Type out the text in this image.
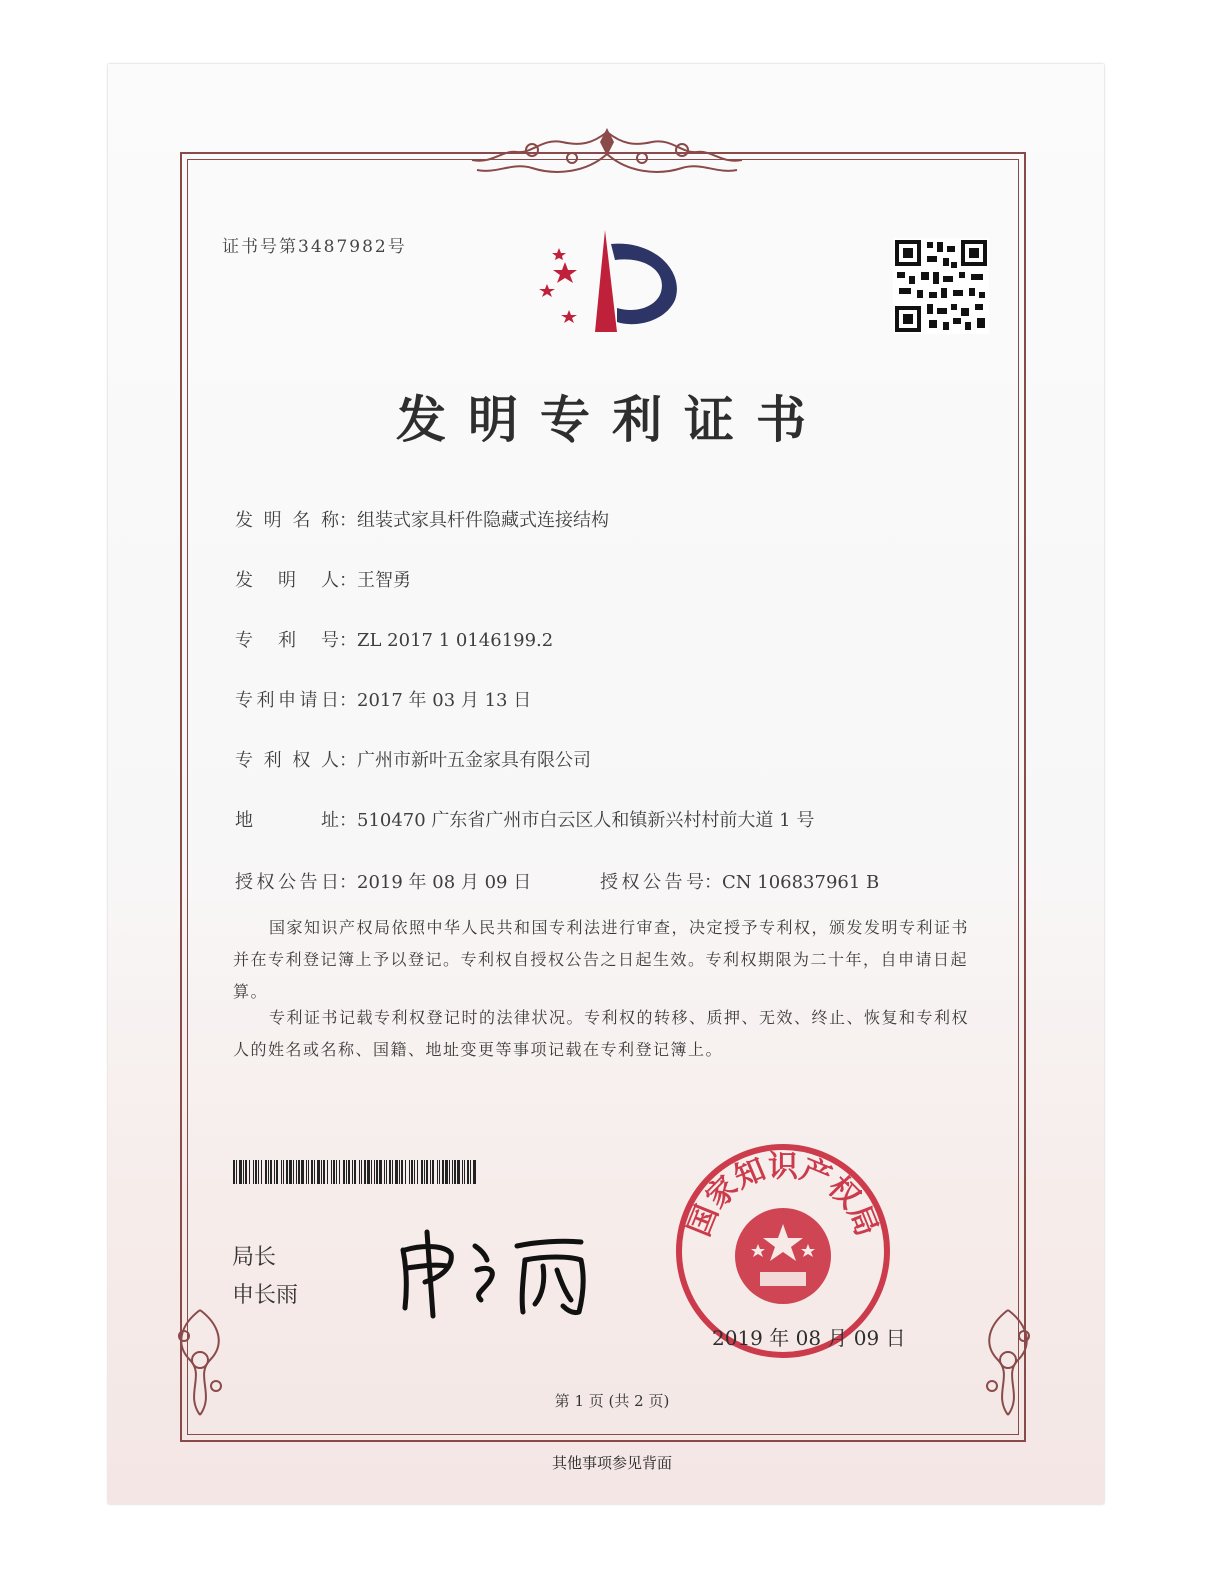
证书号第3487982号
发明专利证书
发 明 名 称 ：组装式家具杆件隐藏式连接结构
发 明 人 ：王智勇
专 利 号 ：ZL 2017 1 0146199.2
专 利 申 请 日 ：2017 年 03 月 13 日
专 利 权 人 ：广州市新叶五金家具有限公司
地	址 ：510470 广东省广州市白云区人和镇新兴村村前大道 1 号
授 权 公 告 日 ：2019 年 08 月 09 日	授 权 公 告 号 ：CN 106837961 B
国家知识产权局依照中华人民共和国专利法进行审查，决定授予专利权，颁发发明专利证书并在专利登记簿上予以登记。专利权自授权公告之日起生效。专利权期限为二十年，自申请日起算。
专利证书记载专利权登记时的法律状况。专利权的转移、质押、无效、终止、恢复和专利权人的姓名或名称、国籍、地址变更等事项记载在专利登记簿上。
局长
申长雨
国家知识产权局
2019 年 08 月 09 日
第 1 页 (共 2 页)
其他事项参见背面
